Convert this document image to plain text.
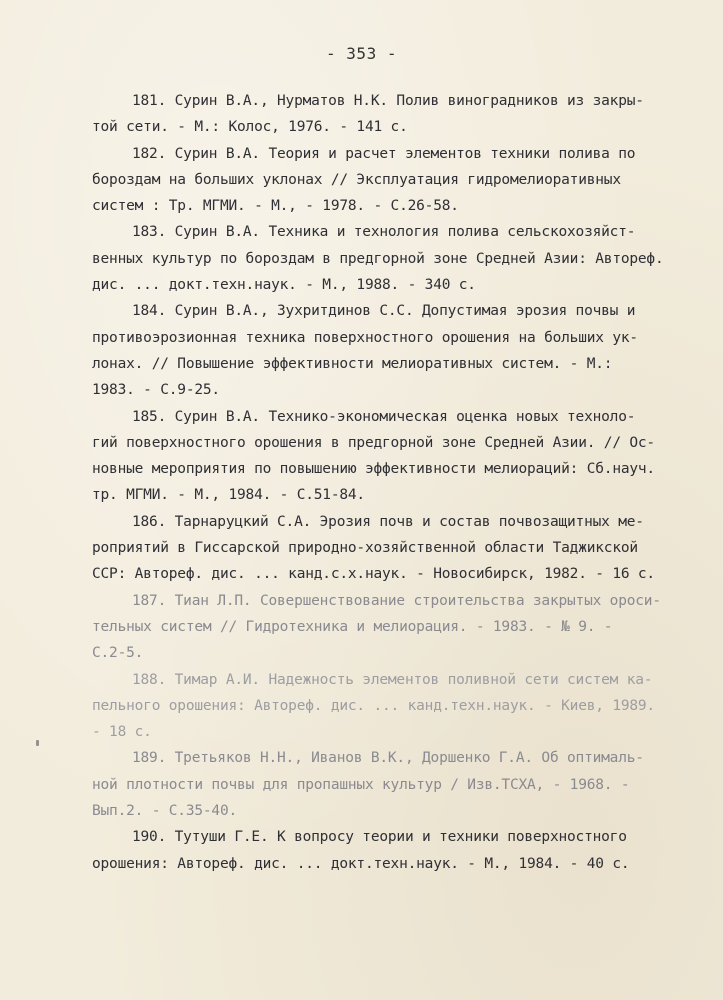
- 353 -
181. Сурин В.А., Нурматов Н.К. Полив виноградников из закры-
той сети. - М.: Колос, 1976. - 141 с.
182. Сурин В.А. Теория и расчет элементов техники полива по
бороздам на больших уклонах // Эксплуатация гидромелиоративных
систем : Тр. МГМИ. - М., - 1978. - С.26-58.
183. Сурин В.А. Техника и технология полива сельскохозяйст-
венных культур по бороздам в предгорной зоне Средней Азии: Автореф.
дис. ... докт.техн.наук. - М., 1988. - 340 с.
184. Сурин В.А., Зухритдинов С.С. Допустимая эрозия почвы и
противоэрозионная техника поверхностного орошения на больших ук-
лонах. // Повышение эффективности мелиоративных систем. - М.:
1983. - С.9-25.
185. Сурин В.А. Технико-экономическая оценка новых техноло-
гий поверхностного орошения в предгорной зоне Средней Азии. // Ос-
новные мероприятия по повышению эффективности мелиораций: Сб.науч.
тр. МГМИ. - М., 1984. - С.51-84.
186. Тарнаруцкий С.А. Эрозия почв и состав почвозащитных ме-
роприятий в Гиссарской природно-хозяйственной области Таджикской
ССР: Автореф. дис. ... канд.с.х.наук. - Новосибирск, 1982. - 16 с.
187. Тиан Л.П. Совершенствование строительства закрытых ороси-
тельных систем // Гидротехника и мелиорация. - 1983. - № 9. -
С.2-5.
188. Тимар А.И. Надежность элементов поливной сети систем ка-
пельного орошения: Автореф. дис. ... канд.техн.наук. - Киев, 1989.
- 18 с.
189. Третьяков Н.Н., Иванов В.К., Доршенко Г.А. Об оптималь-
ной плотности почвы для пропашных культур / Изв.ТСХА, - 1968. -
Вып.2. - С.35-40.
190. Тутуши Г.Е. К вопросу теории и техники поверхностного
орошения: Автореф. дис. ... докт.техн.наук. - М., 1984. - 40 с.
